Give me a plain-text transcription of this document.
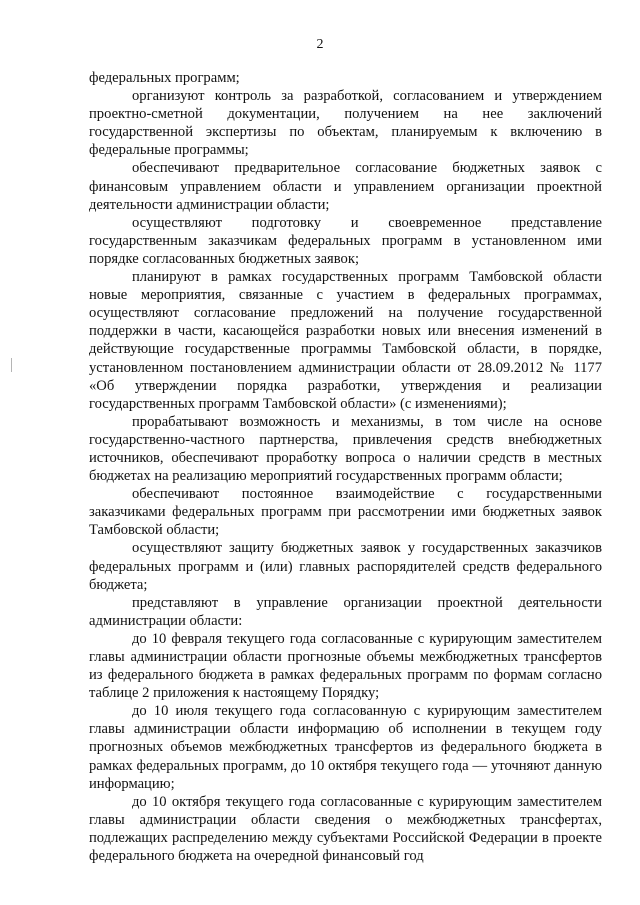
2

федеральных программ;

организуют контроль за разработкой, согласованием и утверждением проектно-сметной документации, получением на нее заключений государственной экспертизы по объектам, планируемым к включению в федеральные программы;

обеспечивают предварительное согласование бюджетных заявок с финансовым управлением области и управлением организации проектной деятельности администрации области;

осуществляют подготовку и своевременное представление государственным заказчикам федеральных программ в установленном ими порядке согласованных бюджетных заявок;

планируют в рамках государственных программ Тамбовской области новые мероприятия, связанные с участием в федеральных программах, осуществляют согласование предложений на получение государственной поддержки в части, касающейся разработки новых или внесения изменений в действующие государственные программы Тамбовской области, в порядке, установленном постановлением администрации области от 28.09.2012 № 1177 «Об утверждении порядка разработки, утверждения и реализации государственных программ Тамбовской области» (с изменениями);

прорабатывают возможность и механизмы, в том числе на основе государственно-частного партнерства, привлечения средств внебюджетных источников, обеспечивают проработку вопроса о наличии средств в местных бюджетах на реализацию мероприятий государственных программ области;

обеспечивают постоянное взаимодействие с государственными заказчиками федеральных программ при рассмотрении ими бюджетных заявок Тамбовской области;

осуществляют защиту бюджетных заявок у государственных заказчиков федеральных программ и (или) главных распорядителей средств федерального бюджета;

представляют в управление организации проектной деятельности администрации области:

до 10 февраля текущего года согласованные с курирующим заместителем главы администрации области прогнозные объемы межбюджетных трансфертов из федерального бюджета в рамках федеральных программ по формам согласно таблице 2 приложения к настоящему Порядку;

до 10 июля текущего года согласованную с курирующим заместителем главы администрации области информацию об исполнении в текущем году прогнозных объемов межбюджетных трансфертов из федерального бюджета в рамках федеральных программ, до 10 октября текущего года — уточняют данную информацию;

до 10 октября текущего года согласованные с курирующим заместителем главы администрации области сведения о межбюджетных трансфертах, подлежащих распределению между субъектами Российской Федерации в проекте федерального бюджета на очередной финансовый год
